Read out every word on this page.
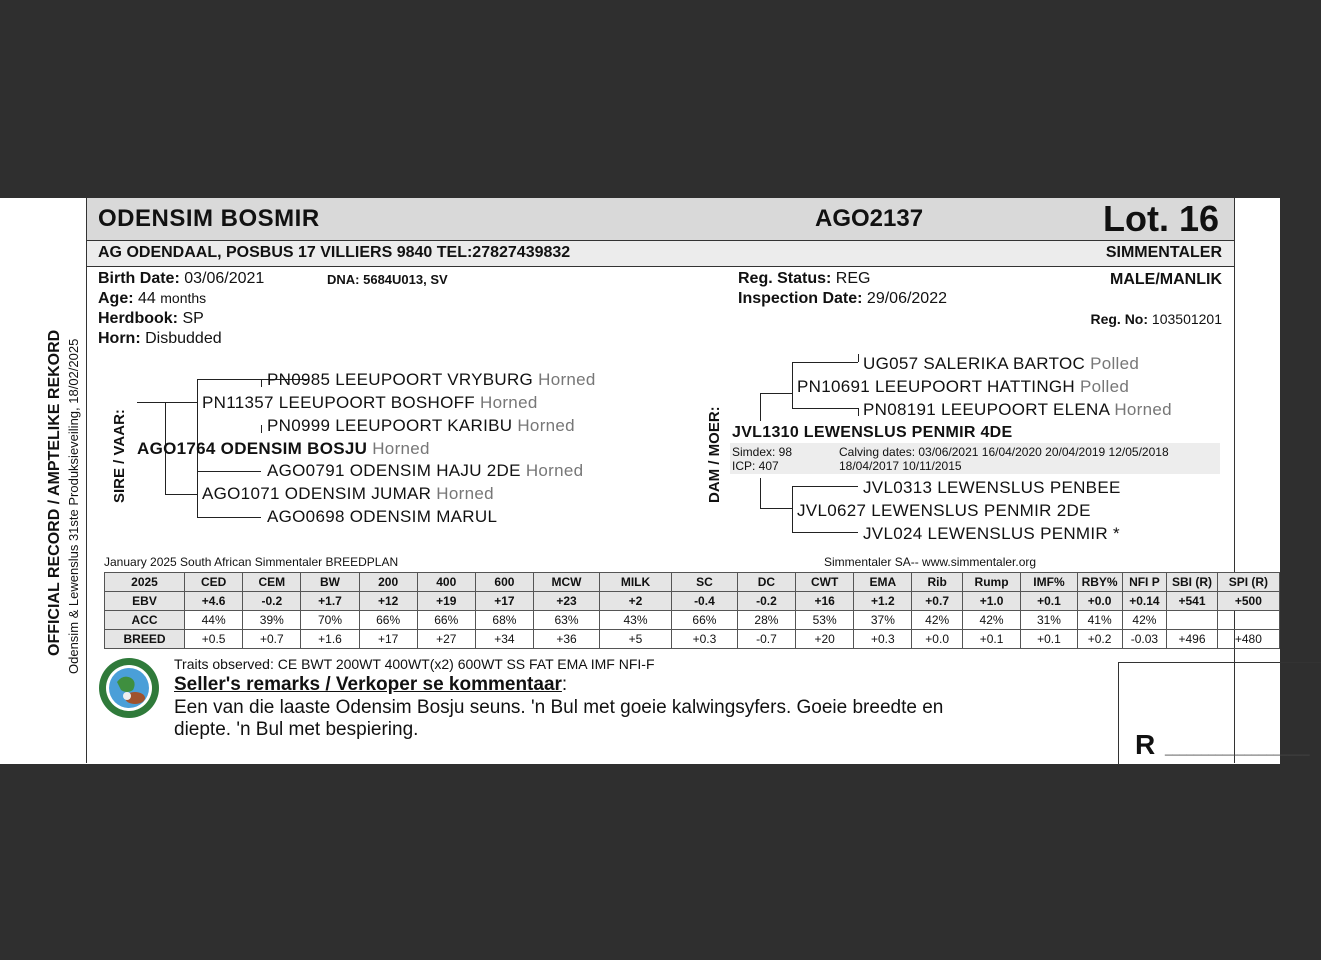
OFFICIAL RECORD / AMPTELIKE REKORD Odensim & Lewenslus 31ste Produksieveiling, 18/02/2025
ODENSIM BOSMIR	AGO2137	Lot. 16
AG ODENDAAL, POSBUS 17 VILLIERS 9840 TEL:27827439832	SIMMENTALER
Birth Date: 03/06/2021	DNA: 5684U013, SV
Age: 44 months
Herdbook: SP
Horn: Disbudded
Reg. Status: REG
Inspection Date: 29/06/2022
MALE/MANLIK
Reg. No: 103501201
SIRE / VAAR:
PN0985 LEEUPOORT VRYBURG Horned
PN11357 LEEUPOORT BOSHOFF Horned
PN0999 LEEUPOORT KARIBU Horned
AGO1764 ODENSIM BOSJU Horned
AGO0791 ODENSIM HAJU 2DE Horned
AGO1071 ODENSIM JUMAR Horned
AGO0698 ODENSIM MARUL
DAM / MOER:
UG057 SALERIKA BARTOC Polled
PN10691 LEEUPOORT HATTINGH Polled
PN08191 LEEUPOORT ELENA Horned
JVL1310 LEWENSLUS PENMIR 4DE
Simdex: 98
ICP: 407
Calving dates: 03/06/2021 16/04/2020 20/04/2019 12/05/2018
18/04/2017 10/11/2015
JVL0313 LEWENSLUS PENBEE
JVL0627 LEWENSLUS PENMIR 2DE
JVL024 LEWENSLUS PENMIR *
R ____________________
January 2025 South African Simmentaler BREEDPLAN	Simmentaler SA-- www.simmentaler.org
2025	CED	CEM	BW	200	400	600	MCW	MILK	SC	DC	CWT	EMA	Rib	Rump	IMF%	RBY%	NFI P	SBI (R)	SPI (R)
EBV	+4.6	-0.2	+1.7	+12	+19	+17	+23	+2	-0.4	-0.2	+16	+1.2	+0.7	+1.0	+0.1	+0.0	+0.14	+541	+500
ACC	44%	39%	70%	66%	66%	68%	63%	43%	66%	28%	53%	37%	42%	42%	31%	41%	42%		
BREED	+0.5	+0.7	+1.6	+17	+27	+34	+36	+5	+0.3	-0.7	+20	+0.3	+0.0	+0.1	+0.1	+0.2	-0.03	+496	+480
Traits observed: CE BWT 200WT 400WT(x2) 600WT SS FAT EMA IMF NFI-F
Seller's remarks / Verkoper se kommentaar:
Een van die laaste Odensim Bosju seuns. 'n Bul met goeie kalwingsyfers. Goeie breedte en
diepte. 'n Bul met bespiering.
